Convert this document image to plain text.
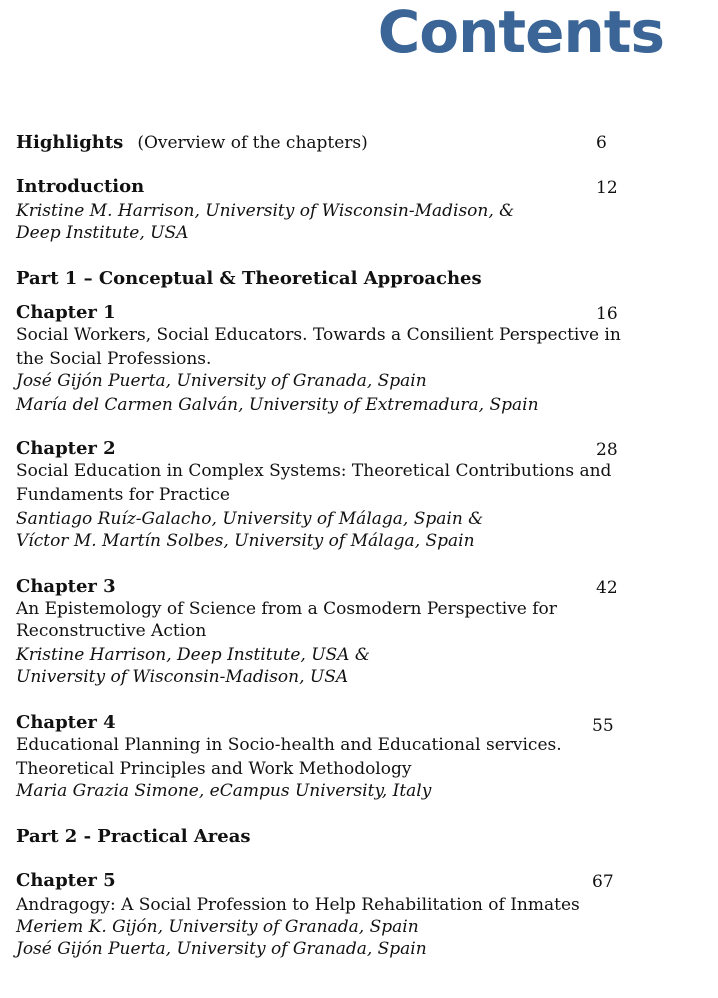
Contents

Highlights (Overview of the chapters)	6

Introduction	12

Kristine M. Harrison, University of Wisconsin-Madison, &

Deep Institute, USA

Part 1 – Conceptual & Theoretical Approaches

Chapter 1	16

Social Workers, Social Educators. Towards a Consilient Perspective in

the Social Professions.

José Gijón Puerta, University of Granada, Spain

María del Carmen Galván, University of Extremadura, Spain

Chapter 2	28

Social Education in Complex Systems: Theoretical Contributions and

Fundaments for Practice

Santiago Ruíz-Galacho, University of Málaga, Spain &

Víctor M. Martín Solbes, University of Málaga, Spain

Chapter 3	42

An Epistemology of Science from a Cosmodern Perspective for

Reconstructive Action

Kristine Harrison, Deep Institute, USA &

University of Wisconsin-Madison, USA

Chapter 4	55

Educational Planning in Socio-health and Educational services.

Theoretical Principles and Work Methodology

Maria Grazia Simone, eCampus University, Italy

Part 2 - Practical Areas

Chapter 5	67

Andragogy: A Social Profession to Help Rehabilitation of Inmates

Meriem K. Gijón, University of Granada, Spain

José Gijón Puerta, University of Granada, Spain
